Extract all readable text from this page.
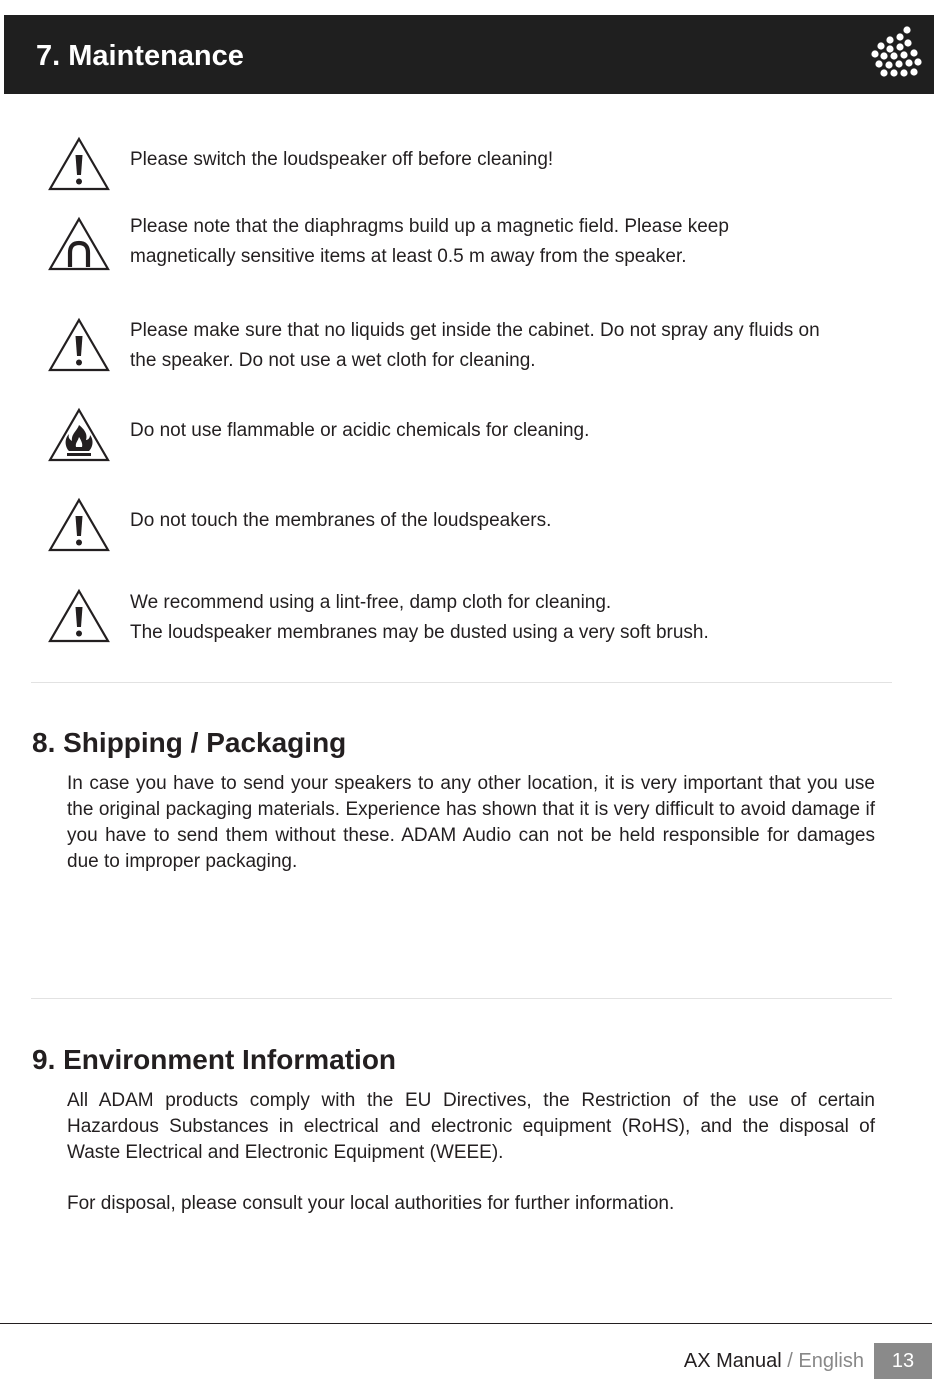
7. Maintenance

Please switch the loudspeaker off before cleaning!

Please note that the diaphragms build up a magnetic field. Please keep
magnetically sensitive items at least 0.5 m away from the speaker.

Please make sure that no liquids get inside the cabinet. Do not spray any fluids on
the speaker. Do not use a wet cloth for cleaning.

Do not use flammable or acidic chemicals for cleaning.

Do not touch the membranes of the loudspeakers.

We recommend using a lint-free, damp cloth for cleaning.
The loudspeaker membranes may be dusted using a very soft brush.

8. Shipping / Packaging

In case you have to send your speakers to any other location, it is very important that you use the original packaging materials. Experience has shown that it is very difficult to avoid damage if you have to send them without these. ADAM Audio can not be held responsible for damages due to improper packaging.

9. Environment Information

All ADAM products comply with the EU Directives, the Restriction of the use of certain Hazardous Substances in electrical and electronic equipment (RoHS), and the disposal of Waste Electrical and Electronic Equipment (WEEE).

For disposal, please consult your local authorities for further information.

AX Manual / English	13
